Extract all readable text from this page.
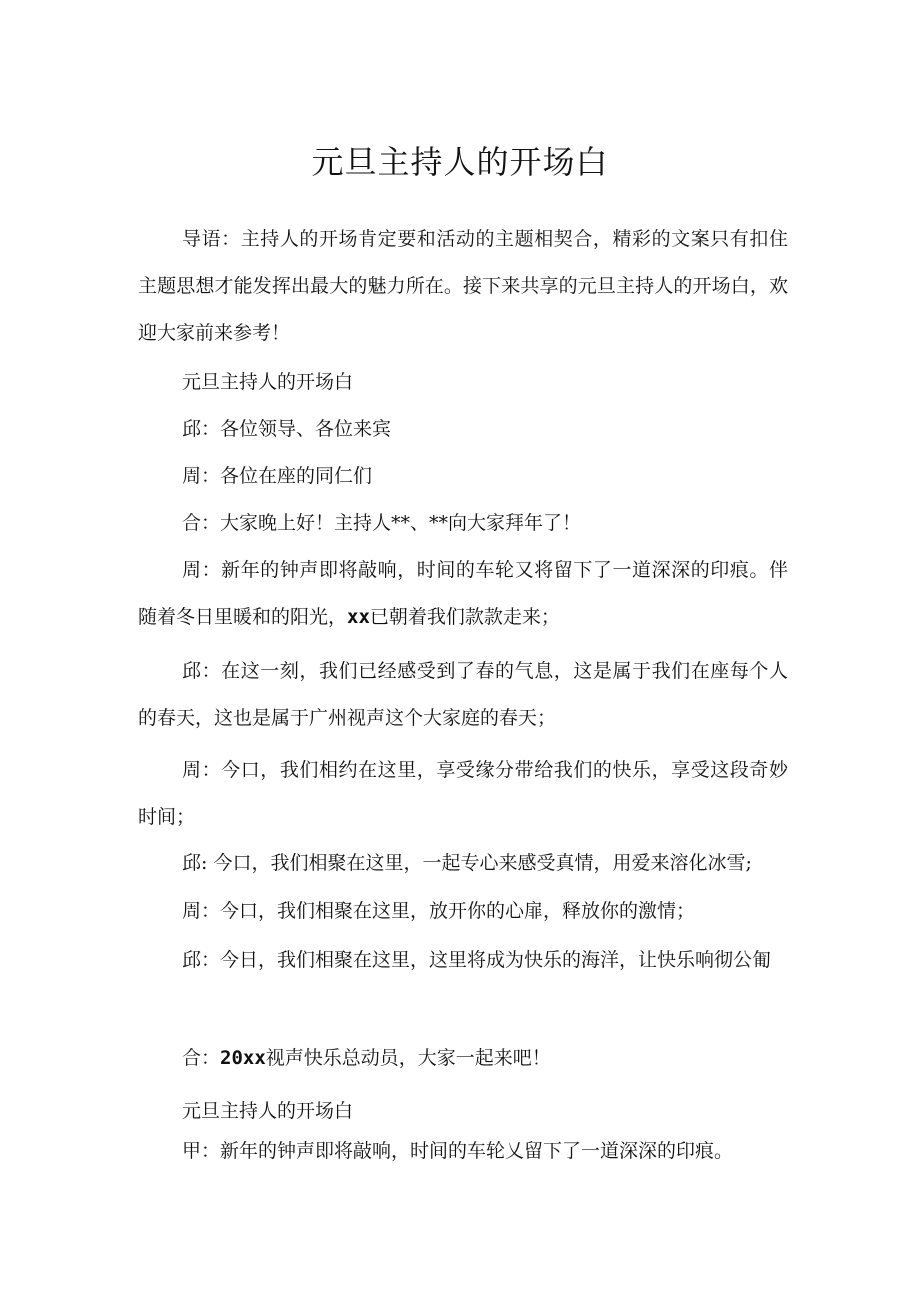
元旦主持人的开场白

导语：主持人的开场肯定要和活动的主题相契合，精彩的文案只有扣住主题思想才能发挥出最大的魅力所在。接下来共享的元旦主持人的开场白，欢迎大家前来参考！

元旦主持人的开场白

邱：各位领导、各位来宾

周：各位在座的同仁们

合：大家晚上好！主持人**、**向大家拜年了！

周：新年的钟声即将敲响，时间的车轮又将留下了一道深深的印痕。伴随着冬日里暖和的阳光，xx已朝着我们款款走来；

邱：在这一刻，我们已经感受到了春的气息，这是属于我们在座每个人的春天，这也是属于广州视声这个大家庭的春天；

周：今口，我们相约在这里，享受缘分带给我们的快乐，享受这段奇妙时间；

邱: 今口，我们相聚在这里，一起专心来感受真情，用爱来溶化冰雪;

周：今口，我们相聚在这里，放开你的心扉，释放你的激情；

邱：今日，我们相聚在这里，这里将成为快乐的海洋，让快乐响彻公匍

合：20xx视声快乐总动员，大家一起来吧！

元旦主持人的开场白

甲：新年的钟声即将敲响，时间的车轮乂留下了一道深深的印痕。
